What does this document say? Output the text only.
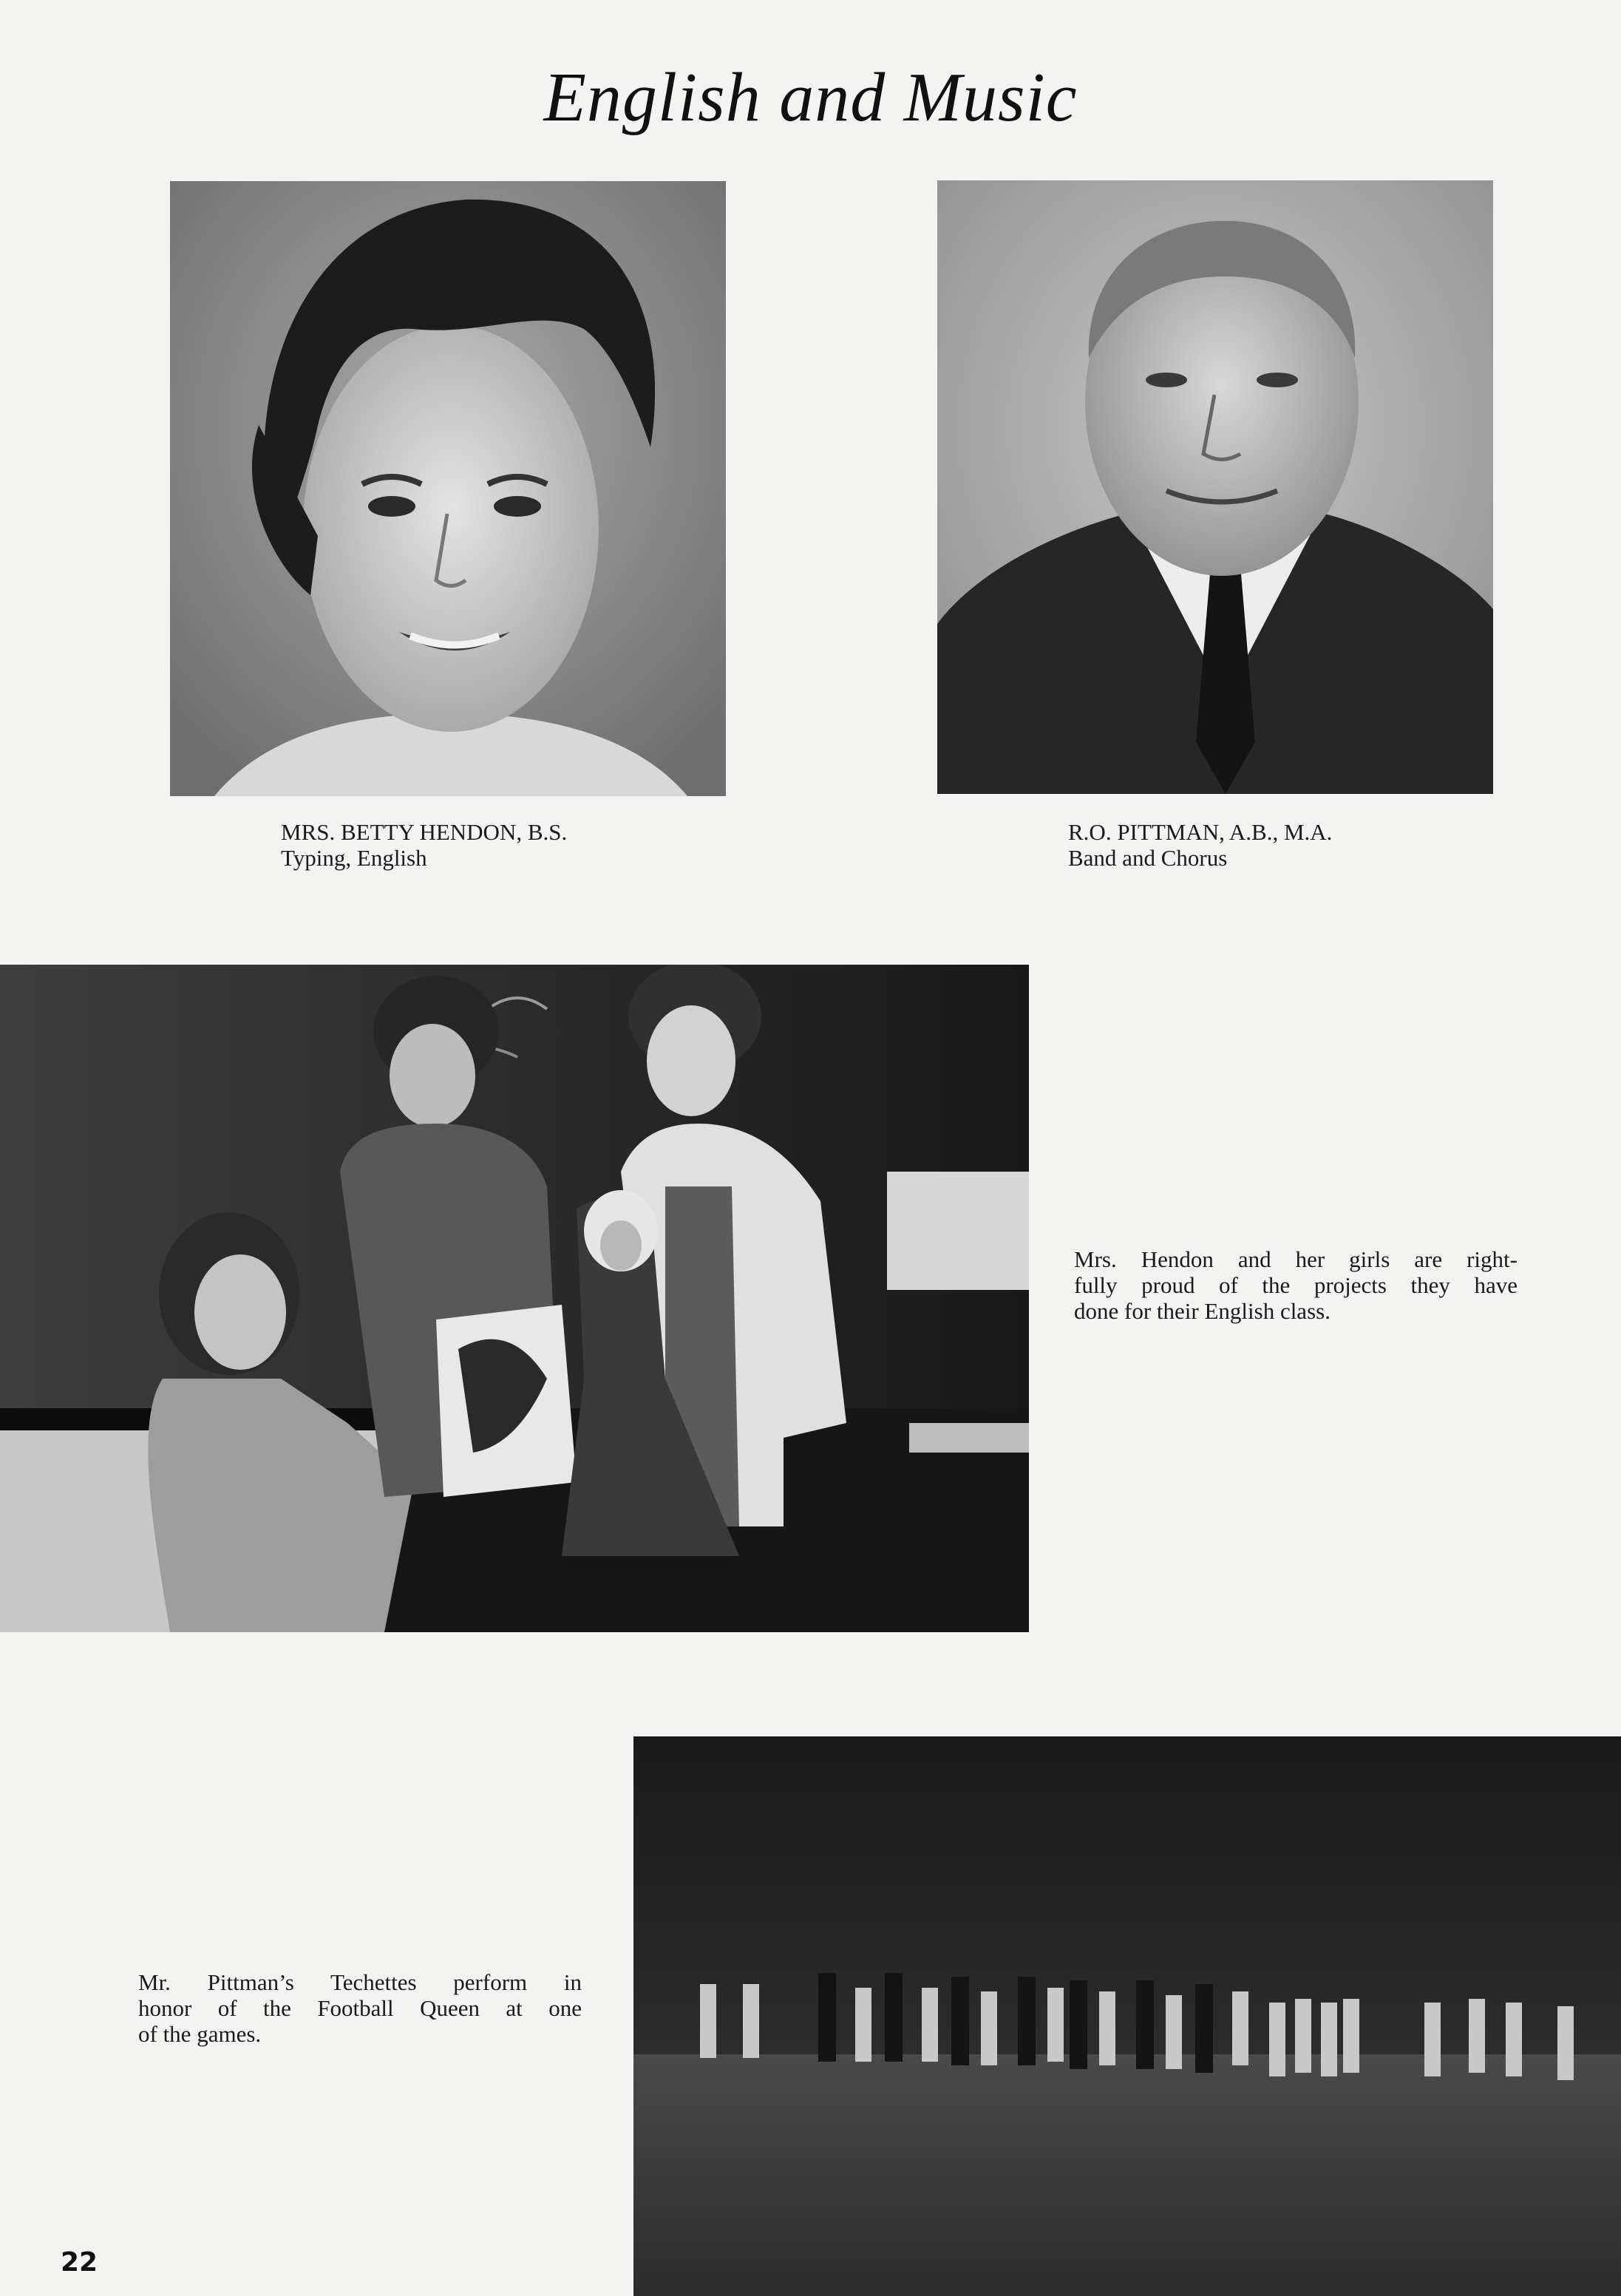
English and Music
MRS. BETTY HENDON, B.S.
Typing, English
R.O. PITTMAN, A.B., M.A.
Band and Chorus
Mrs. Hendon and her girls are right-
fully proud of the projects they have
done for their English class.
Mr. Pittman’s Techettes perform in
honor of the Football Queen at one
of the games.
22
